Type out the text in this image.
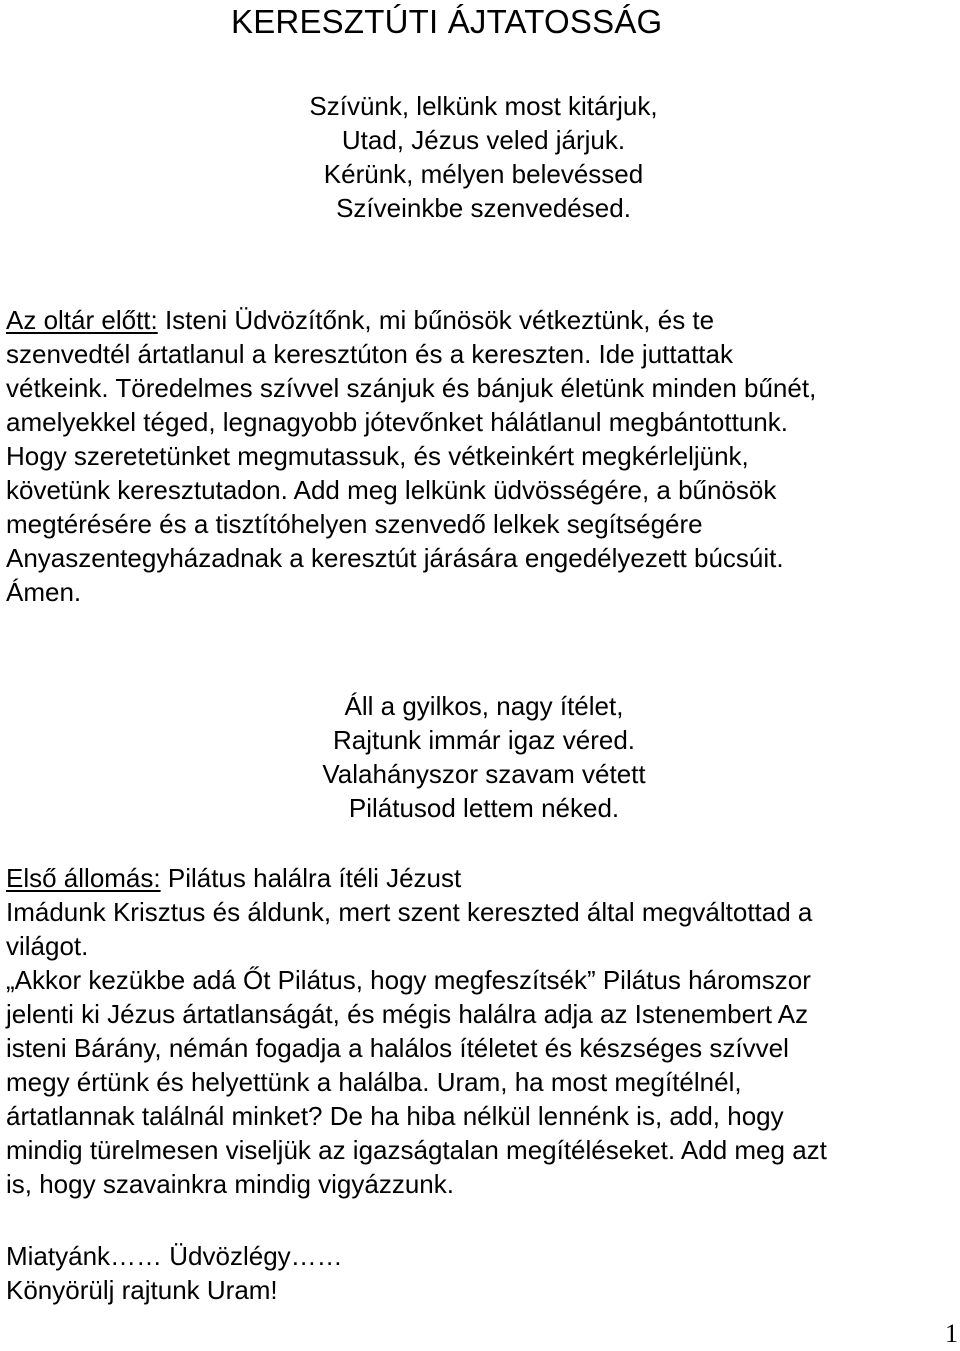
KERESZTÚTI ÁJTATOSSÁG
Szívünk, lelkünk most kitárjuk,
Utad, Jézus veled járjuk.
Kérünk, mélyen belevéssed
Szíveinkbe szenvedésed.
Az oltár előtt: Isteni Üdvözítőnk, mi bűnösök vétkeztünk, és te
szenvedtél ártatlanul a keresztúton és a kereszten. Ide juttattak
vétkeink. Töredelmes szívvel szánjuk és bánjuk életünk minden bűnét,
amelyekkel téged, legnagyobb jótevőnket hálátlanul megbántottunk.
Hogy szeretetünket megmutassuk, és vétkeinkért megkérleljünk,
követünk keresztutadon. Add meg lelkünk üdvösségére, a bűnösök
megtérésére és a tisztítóhelyen szenvedő lelkek segítségére
Anyaszentegyházadnak a keresztút járására engedélyezett búcsúit.
Ámen.
Áll a gyilkos, nagy ítélet,
Rajtunk immár igaz véred.
Valahányszor szavam vétett
Pilátusod lettem néked.
Első állomás: Pilátus halálra ítéli Jézust
Imádunk Krisztus és áldunk, mert szent kereszted által megváltottad a
világot.
„Akkor kezükbe adá Őt Pilátus, hogy megfeszítsék” Pilátus háromszor
jelenti ki Jézus ártatlanságát, és mégis halálra adja az Istenembert Az
isteni Bárány, némán fogadja a halálos ítéletet és készséges szívvel
megy értünk és helyettünk a halálba. Uram, ha most megítélnél,
ártatlannak találnál minket? De ha hiba nélkül lennénk is, add, hogy
mindig türelmesen viseljük az igazságtalan megítéléseket. Add meg azt
is, hogy szavainkra mindig vigyázzunk.
Miatyánk…… Üdvözlégy……
Könyörülj rajtunk Uram!
1
